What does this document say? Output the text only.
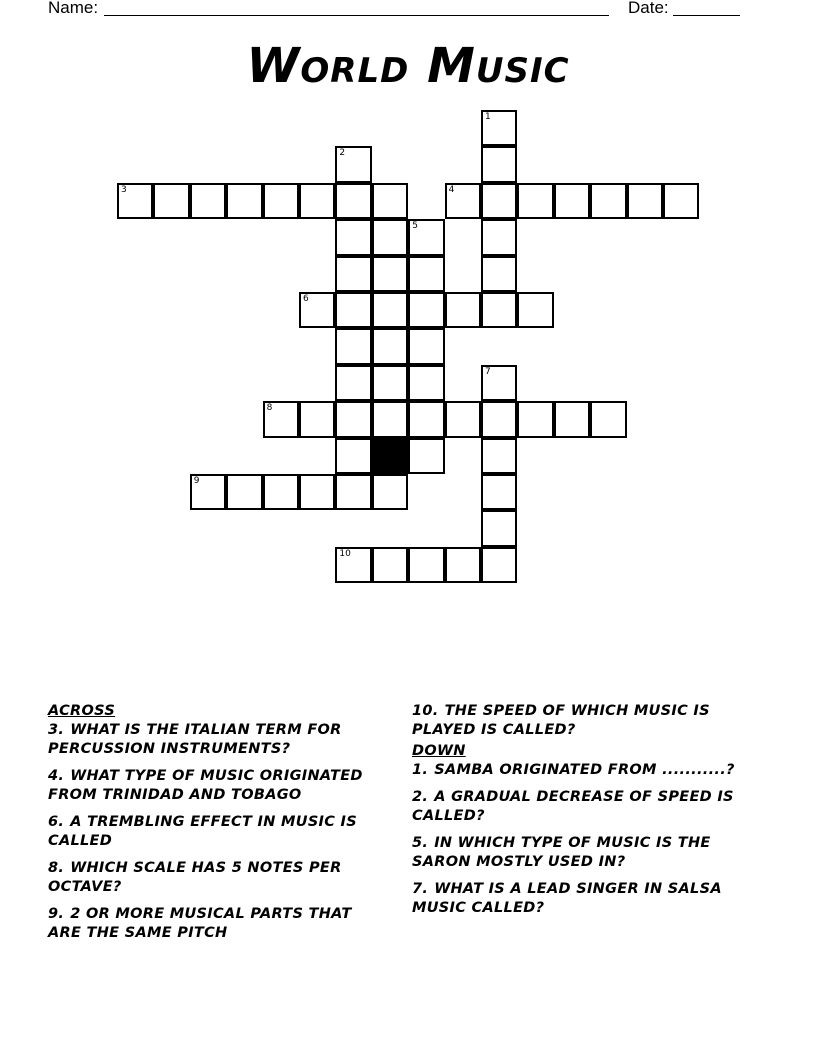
Name:	Date:
World Music
1
2
3	4
5
6
7
8
9
10
ACROSS
3. WHAT IS THE ITALIAN TERM FOR PERCUSSION INSTRUMENTS?
4. WHAT TYPE OF MUSIC ORIGINATED FROM TRINIDAD AND TOBAGO
6. A TREMBLING EFFECT IN MUSIC IS CALLED
8. WHICH SCALE HAS 5 NOTES PER OCTAVE?
9. 2 OR MORE MUSICAL PARTS THAT ARE THE SAME PITCH
10. THE SPEED OF WHICH MUSIC IS PLAYED IS CALLED?
DOWN
1. SAMBA ORIGINATED FROM ...........?
2. A GRADUAL DECREASE OF SPEED IS CALLED?
5. IN WHICH TYPE OF MUSIC IS THE SARON MOSTLY USED IN?
7. WHAT IS A LEAD SINGER IN SALSA MUSIC CALLED?
